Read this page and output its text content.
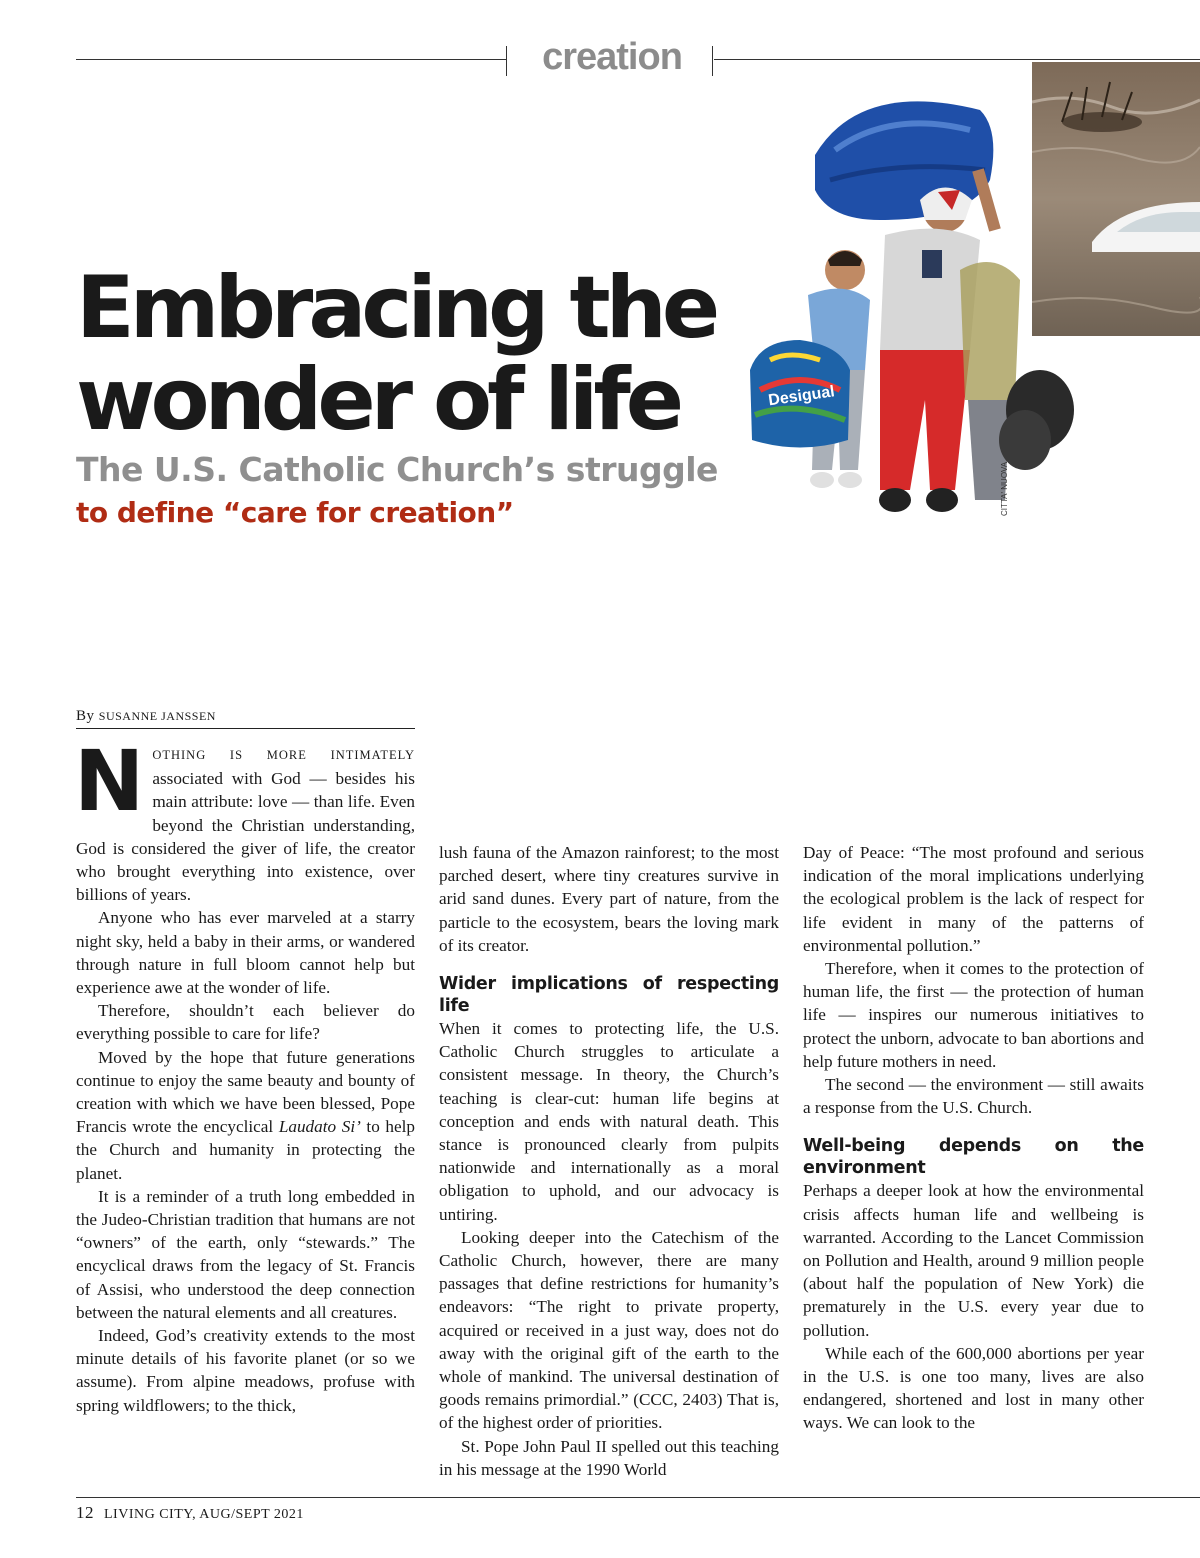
creation
Desigual
CITTA' NUOVA
Embracing the
wonder of life
The U.S. Catholic Church’s struggle
to define “care for creation”
By SUSANNE JANSSEN

NOTHING IS MORE INTIMATELY associated with God — besides his main attribute: love — than life. Even beyond the Christian understanding, God is considered the giver of life, the creator who brought everything into existence, over billions of years.

Anyone who has ever marveled at a starry night sky, held a baby in their arms, or wandered through nature in full bloom cannot help but experience awe at the wonder of life.

Therefore, shouldn’t each believer do everything possible to care for life?

Moved by the hope that future generations continue to enjoy the same beauty and bounty of creation with which we have been blessed, Pope Francis wrote the encyclical Laudato Si’ to help the Church and humanity in protecting the planet.

It is a reminder of a truth long embedded in the Judeo-Christian tradition that humans are not “owners” of the earth, only “stewards.” The encyclical draws from the legacy of St. Francis of Assisi, who understood the deep connection between the natural elements and all creatures.

Indeed, God’s creativity extends to the most minute details of his favorite planet (or so we assume). From alpine meadows, profuse with spring wildflowers; to the thick,

lush fauna of the Amazon rainforest; to the most parched desert, where tiny creatures survive in arid sand dunes. Every part of nature, from the particle to the ecosystem, bears the loving mark of its creator.

Wider implications of respecting life

When it comes to protecting life, the U.S. Catholic Church struggles to articulate a consistent message. In theory, the Church’s teaching is clear-cut: human life begins at conception and ends with natural death. This stance is pronounced clearly from pulpits nationwide and internationally as a moral obligation to uphold, and our advocacy is untiring.

Looking deeper into the Catechism of the Catholic Church, however, there are many passages that define restrictions for humanity’s endeavors: “The right to private property, acquired or received in a just way, does not do away with the original gift of the earth to the whole of mankind. The universal destination of goods remains primordial.” (CCC, 2403) That is, of the highest order of priorities.

St. Pope John Paul II spelled out this teaching in his message at the 1990 World

Day of Peace: “The most profound and serious indication of the moral implications underlying the ecological problem is the lack of respect for life evident in many of the patterns of environmental pollution.”

Therefore, when it comes to the protection of human life, the first — the protection of human life — inspires our numerous initiatives to protect the unborn, advocate to ban abortions and help future mothers in need.

The second — the environment — still awaits a response from the U.S. Church.

Well-being depends on the environment

Perhaps a deeper look at how the environmental crisis affects human life and wellbeing is warranted. According to the Lancet Commission on Pollution and Health, around 9 million people (about half the population of New York) die prematurely in the U.S. every year due to pollution.

While each of the 600,000 abortions per year in the U.S. is one too many, lives are also endangered, shortened and lost in many other ways. We can look to the

12 LIVING CITY, AUG/SEPT 2021
